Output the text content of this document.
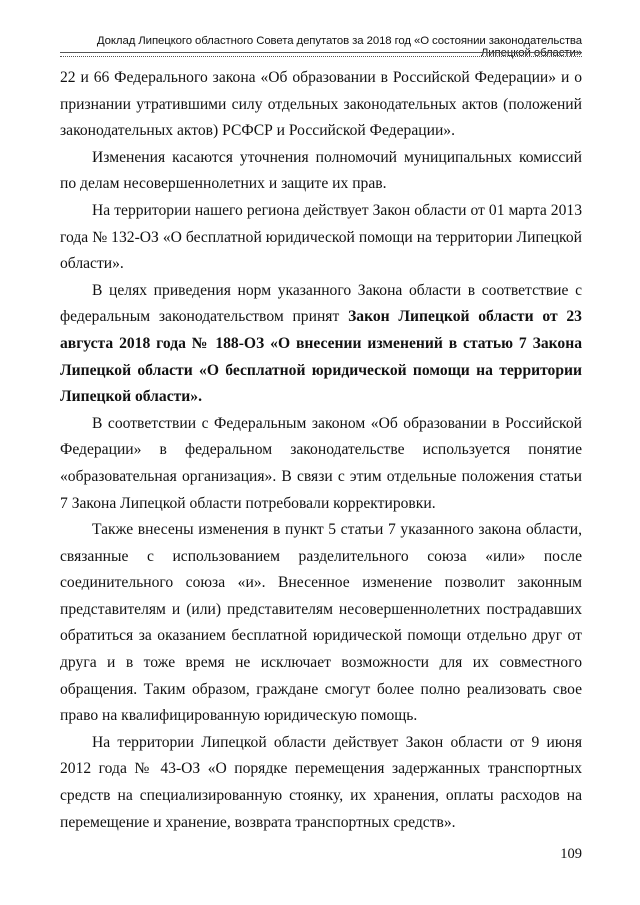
Доклад Липецкого областного Совета депутатов за 2018 год «О состоянии законодательства Липецкой области»

22 и 66 Федерального закона «Об образовании в Российской Федерации» и о признании утратившими силу отдельных законодательных актов (положений законодательных актов) РСФСР и Российской Федерации».

Изменения касаются уточнения полномочий муниципальных комиссий по делам несовершеннолетних и защите их прав.

На территории нашего региона действует Закон области от 01 марта 2013 года № 132-ОЗ «О бесплатной юридической помощи на территории Липецкой области».

В целях приведения норм указанного Закона области в соответствие с федеральным законодательством принят Закон Липецкой области от 23 августа 2018 года № 188-ОЗ «О внесении изменений в статью 7 Закона Липецкой области «О бесплатной юридической помощи на территории Липецкой области».

В соответствии с Федеральным законом «Об образовании в Российской Федерации» в федеральном законодательстве используется понятие «образовательная организация». В связи с этим отдельные положения статьи 7 Закона Липецкой области потребовали корректировки.

Также внесены изменения в пункт 5 статьи 7 указанного закона области, связанные с использованием разделительного союза «или» после соединительного союза «и». Внесенное изменение позволит законным представителям и (или) представителям несовершеннолетних пострадавших обратиться за оказанием бесплатной юридической помощи отдельно друг от друга и в тоже время не исключает возможности для их совместного обращения. Таким образом, граждане смогут более полно реализовать свое право на квалифицированную юридическую помощь.

На территории Липецкой области действует Закон области от 9 июня 2012 года № 43-ОЗ «О порядке перемещения задержанных транспортных средств на специализированную стоянку, их хранения, оплаты расходов на перемещение и хранение, возврата транспортных средств».

109
